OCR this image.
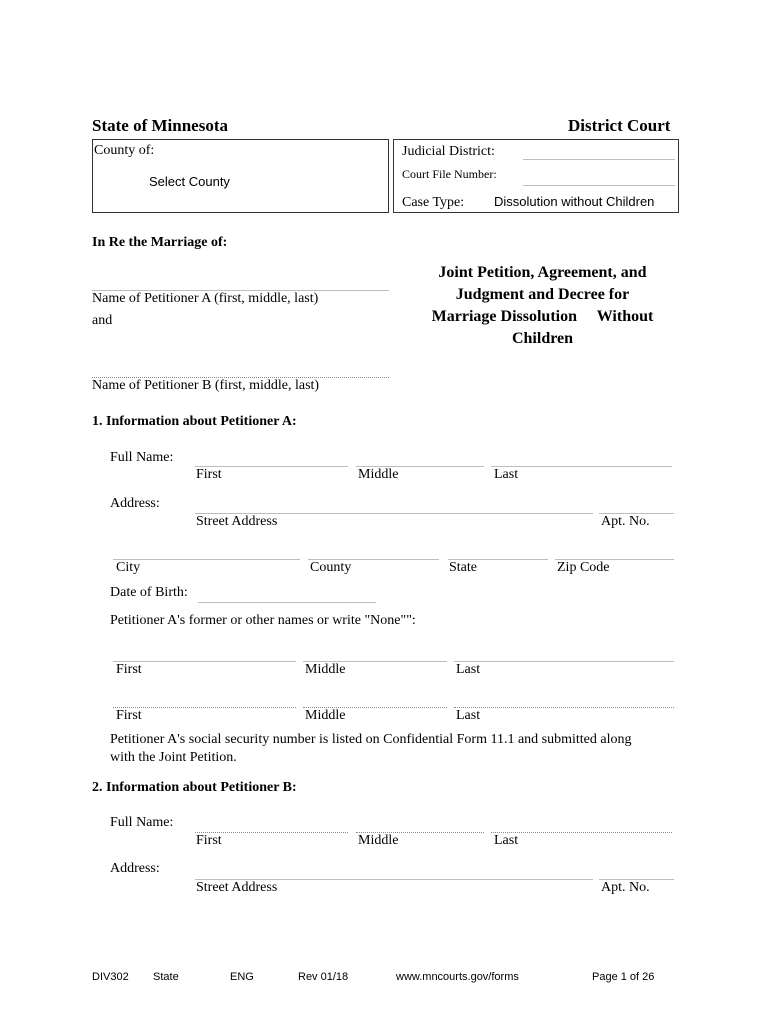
State of Minnesota	District Court
County of:
Select County
Judicial District:
Court File Number:
Case Type: Dissolution without Children
In Re the Marriage of:
Name of Petitioner A (first, middle, last)
and
Name of Petitioner B (first, middle, last)
Joint Petition, Agreement, and
Judgment and Decree for
Marriage Dissolution     Without
Children
1. Information about Petitioner A:
Full Name:
First	Middle	Last
Address:
Street Address	Apt. No.
City	County	State	Zip Code
Date of Birth:
Petitioner A's former or other names or write "None"":
First	Middle	Last
First	Middle	Last
Petitioner A's social security number is listed on Confidential Form 11.1 and submitted along
with the Joint Petition.
2. Information about Petitioner B:
Full Name:
First	Middle	Last
Address:
Street Address	Apt. No.
DIV302 State	ENG	Rev 01/18	www.mncourts.gov/forms	Page 1 of 26
